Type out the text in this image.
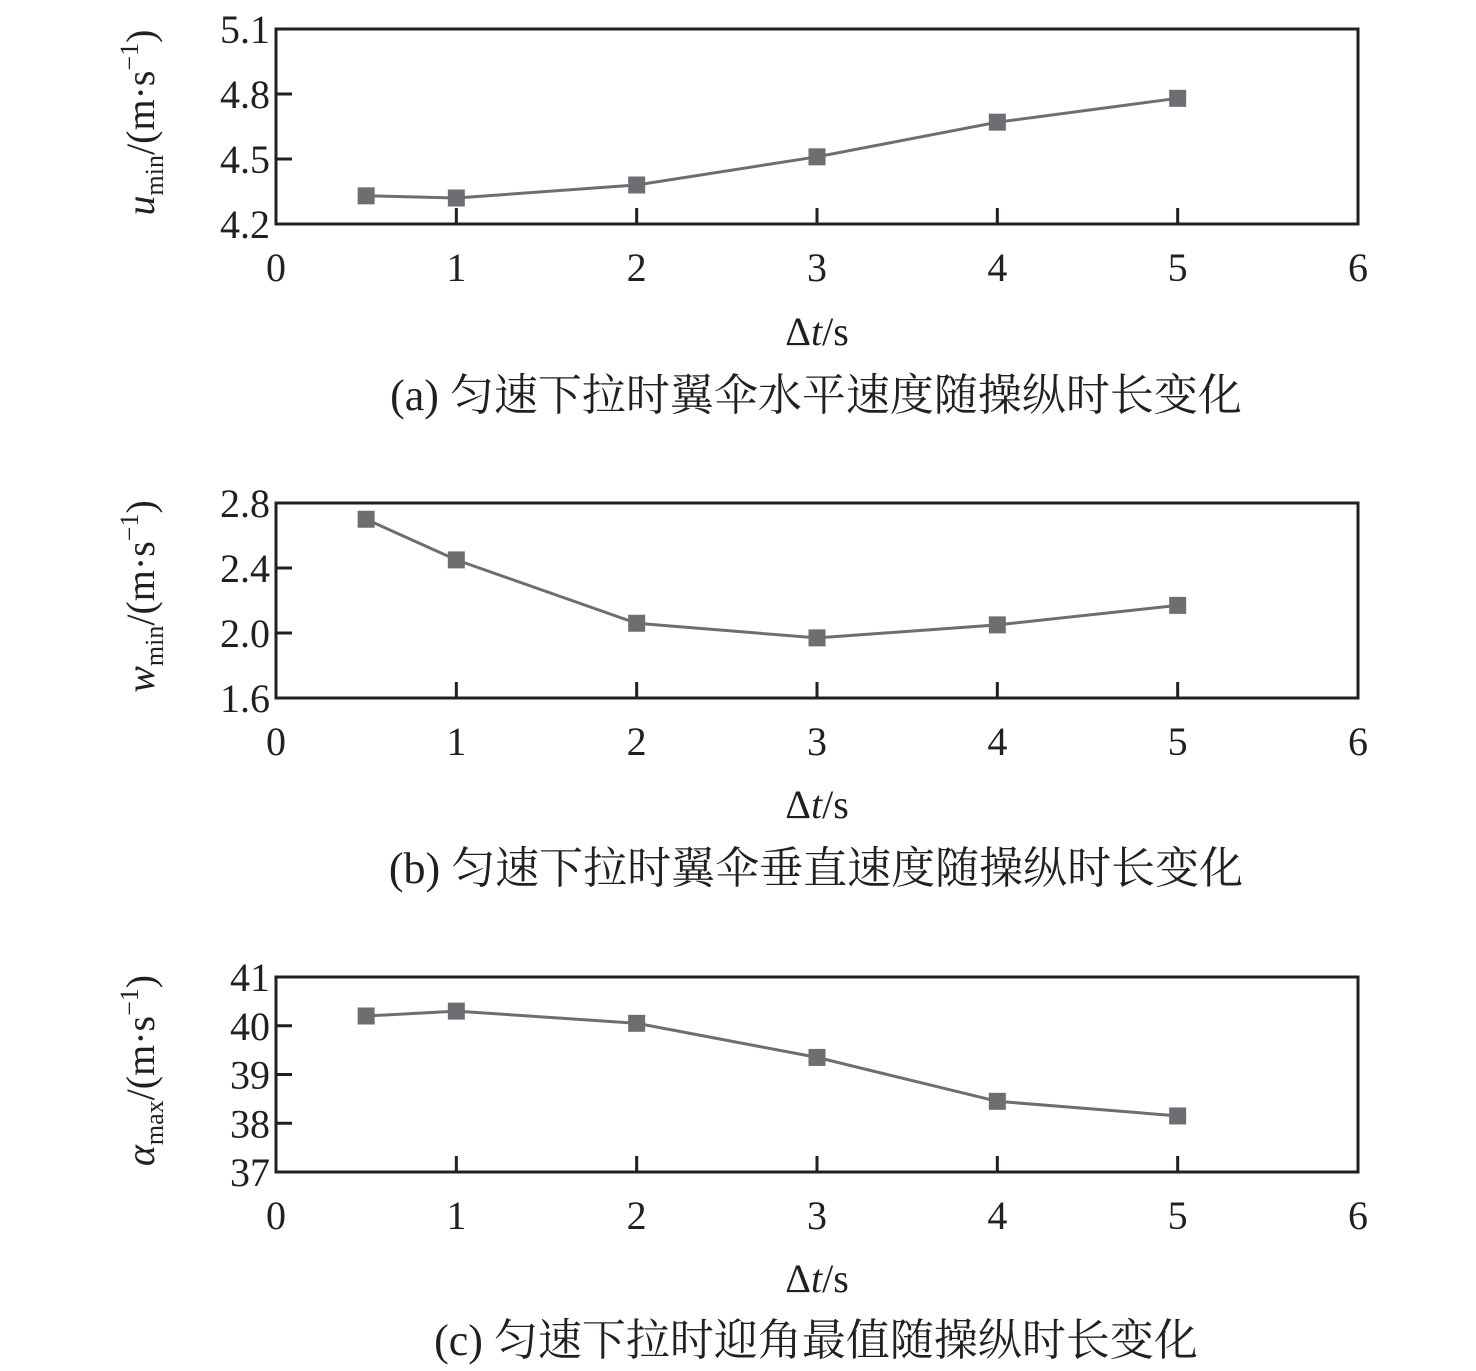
0	1	2	3	4	5	6
4.2
4.5
4.8
5.1
Δt/s
$u_{min}/(m\cdot s^{-1})$
(a) 匀速下拉时翼伞水平速度随操纵时长变化
0	1	2	3	4	5	6
1.6
2.0
2.4
2.8
Δt/s
$w_{min}/(m\cdot s^{-1})$
(b) 匀速下拉时翼伞垂直速度随操纵时长变化
0	1	2	3	4	5	6
37
38
39
40
41
Δt/s
$\alpha_{max}/(m\cdot s^{-1})$
(c) 匀速下拉时迎角最值随操纵时长变化
